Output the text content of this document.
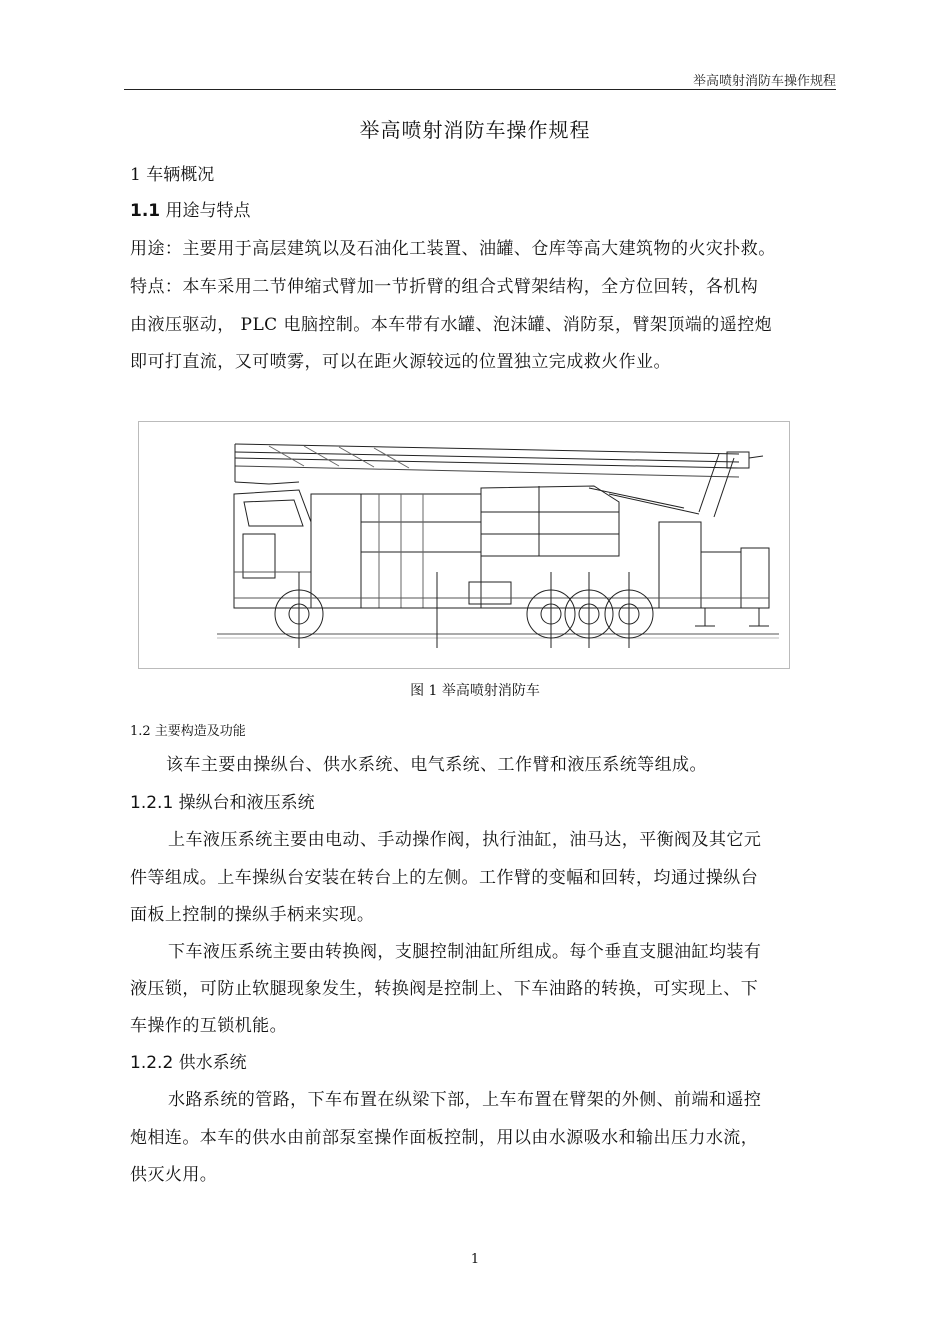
举高喷射消防车操作规程
举高喷射消防车操作规程
1 车辆概况
1.1 用途与特点
用途：主要用于高层建筑以及石油化工装置、油罐、仓库等高大建筑物的火灾扑救。
特点：本车采用二节伸缩式臂加一节折臂的组合式臂架结构，全方位回转，各机构
由液压驱动， PLC 电脑控制。本车带有水罐、泡沫罐、消防泵，臂架顶端的遥控炮
即可打直流，又可喷雾，可以在距火源较远的位置独立完成救火作业。
图 1 举高喷射消防车
1.2 主要构造及功能
该车主要由操纵台、供水系统、电气系统、工作臂和液压系统等组成。
1.2.1 操纵台和液压系统
上车液压系统主要由电动、手动操作阀，执行油缸，油马达，平衡阀及其它元
件等组成。上车操纵台安装在转台上的左侧。工作臂的变幅和回转，均通过操纵台
面板上控制的操纵手柄来实现。
下车液压系统主要由转换阀，支腿控制油缸所组成。每个垂直支腿油缸均装有
液压锁，可防止软腿现象发生，转换阀是控制上、下车油路的转换，可实现上、下
车操作的互锁机能。
1.2.2 供水系统
水路系统的管路，下车布置在纵梁下部，上车布置在臂架的外侧、前端和遥控
炮相连。本车的供水由前部泵室操作面板控制，用以由水源吸水和输出压力水流，
供灭火用。
1
